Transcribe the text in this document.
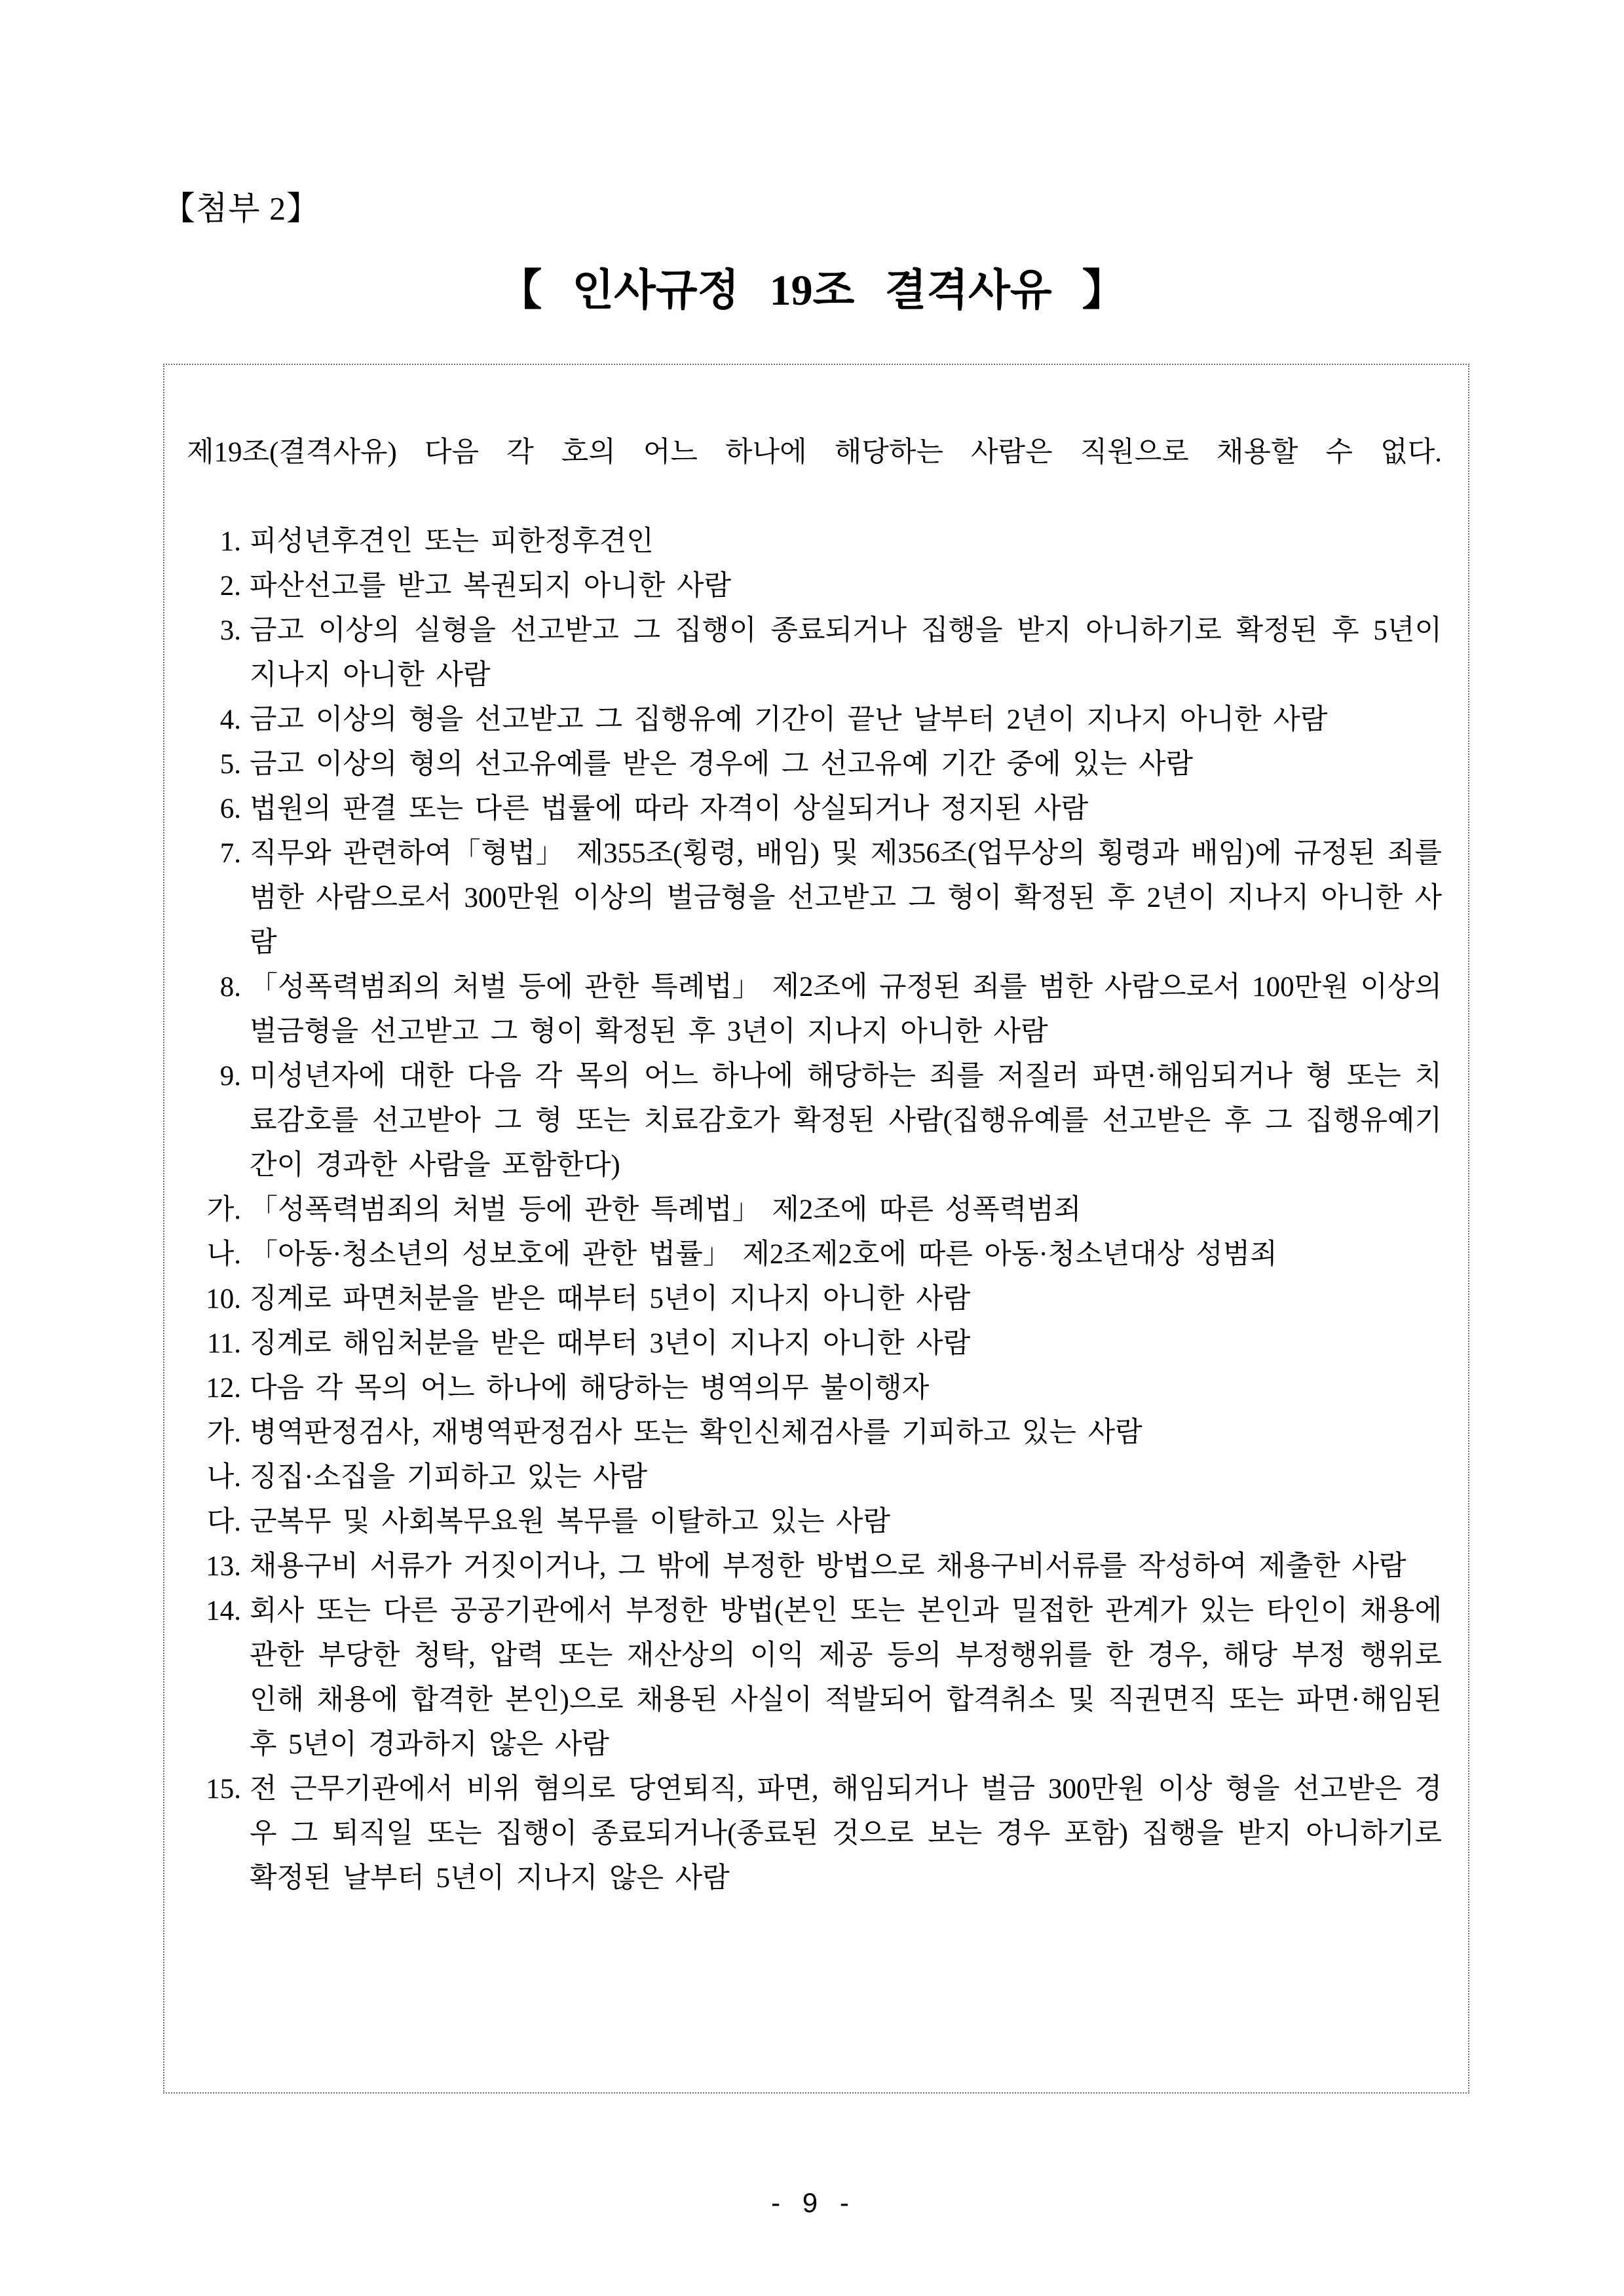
【첨부 2】
【 인사규정 19조 결격사유 】

제19조(결격사유) 다음 각 호의 어느 하나에 해당하는 사람은 직원으로 채용할 수 없다.

1. 피성년후견인 또는 피한정후견인
2. 파산선고를 받고 복권되지 아니한 사람
3. 금고 이상의 실형을 선고받고 그 집행이 종료되거나 집행을 받지 아니하기로 확정된 후 5년이 지나지 아니한 사람
4. 금고 이상의 형을 선고받고 그 집행유예 기간이 끝난 날부터 2년이 지나지 아니한 사람
5. 금고 이상의 형의 선고유예를 받은 경우에 그 선고유예 기간 중에 있는 사람
6. 법원의 판결 또는 다른 법률에 따라 자격이 상실되거나 정지된 사람
7. 직무와 관련하여「형법」 제355조(횡령, 배임) 및 제356조(업무상의 횡령과 배임)에 규정된 죄를 범한 사람으로서 300만원 이상의 벌금형을 선고받고 그 형이 확정된 후 2년이 지나지 아니한 사람
8. 「성폭력범죄의 처벌 등에 관한 특례법」 제2조에 규정된 죄를 범한 사람으로서 100만원 이상의 벌금형을 선고받고 그 형이 확정된 후 3년이 지나지 아니한 사람
9. 미성년자에 대한 다음 각 목의 어느 하나에 해당하는 죄를 저질러 파면·해임되거나 형 또는 치료감호를 선고받아 그 형 또는 치료감호가 확정된 사람(집행유예를 선고받은 후 그 집행유예기간이 경과한 사람을 포함한다)
가. 「성폭력범죄의 처벌 등에 관한 특례법」 제2조에 따른 성폭력범죄
나. 「아동·청소년의 성보호에 관한 법률」 제2조제2호에 따른 아동·청소년대상 성범죄
10. 징계로 파면처분을 받은 때부터 5년이 지나지 아니한 사람
11. 징계로 해임처분을 받은 때부터 3년이 지나지 아니한 사람
12. 다음 각 목의 어느 하나에 해당하는 병역의무 불이행자
가. 병역판정검사, 재병역판정검사 또는 확인신체검사를 기피하고 있는 사람
나. 징집·소집을 기피하고 있는 사람
다. 군복무 및 사회복무요원 복무를 이탈하고 있는 사람
13. 채용구비 서류가 거짓이거나, 그 밖에 부정한 방법으로 채용구비서류를 작성하여 제출한 사람
14. 회사 또는 다른 공공기관에서 부정한 방법(본인 또는 본인과 밀접한 관계가 있는 타인이 채용에 관한 부당한 청탁, 압력 또는 재산상의 이익 제공 등의 부정행위를 한 경우, 해당 부정 행위로 인해 채용에 합격한 본인)으로 채용된 사실이 적발되어 합격취소 및 직권면직 또는 파면·해임된 후 5년이 경과하지 않은 사람
15. 전 근무기관에서 비위 혐의로 당연퇴직, 파면, 해임되거나 벌금 300만원 이상 형을 선고받은 경우 그 퇴직일 또는 집행이 종료되거나(종료된 것으로 보는 경우 포함) 집행을 받지 아니하기로 확정된 날부터 5년이 지나지 않은 사람
- 9 -
